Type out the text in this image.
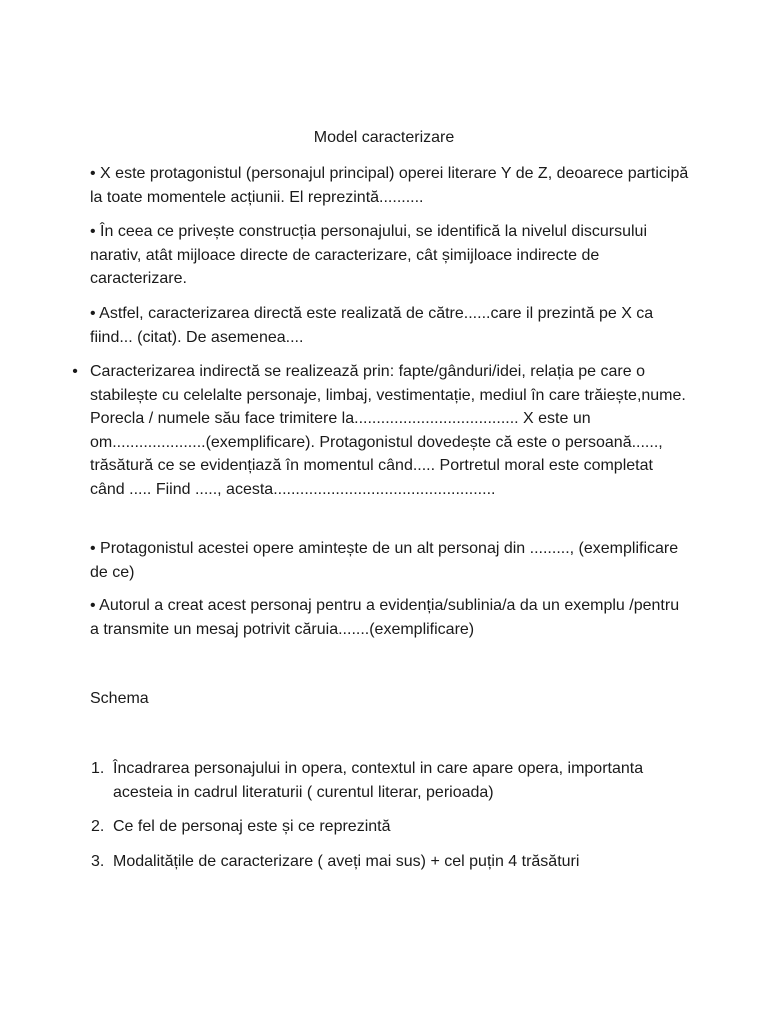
Model caracterizare

• X este protagonistul (personajul principal) operei literare Y de Z, deoarece participă la toate momentele acțiunii. El reprezintă..........

• În ceea ce privește construcția personajului, se identifică la nivelul discursului narativ, atât mijloace directe de caracterizare, cât șimijloace indirecte de caracterizare.

• Astfel, caracterizarea directă este realizată de către......care il prezintă pe X ca fiind... (citat). De asemenea....

• Caracterizarea indirectă se realizează prin: fapte/gânduri/idei, relația pe care o stabilește cu celelalte personaje, limbaj, vestimentație, mediul în care trăiește,nume. Porecla / numele său face trimitere la..................................... X este un om.....................(exemplificare). Protagonistul dovedește că este o persoană......, trăsătură ce se evidențiază în momentul când..... Portretul moral este completat când ..... Fiind ....., acesta..................................................

• Protagonistul acestei opere amintește de un alt personaj din ........., (exemplificare de ce)

• Autorul a creat acest personaj pentru a evidenția/sublinia/a da un exemplu /pentru a transmite un mesaj potrivit căruia.......(exemplificare)

Schema
1. Încadrarea personajului in opera, contextul in care apare opera, importanta acesteia in cadrul literaturii ( curentul literar, perioada)
2. Ce fel de personaj este și ce reprezintă
3. Modalitățile de caracterizare ( aveți mai sus) + cel puțin 4 trăsături
